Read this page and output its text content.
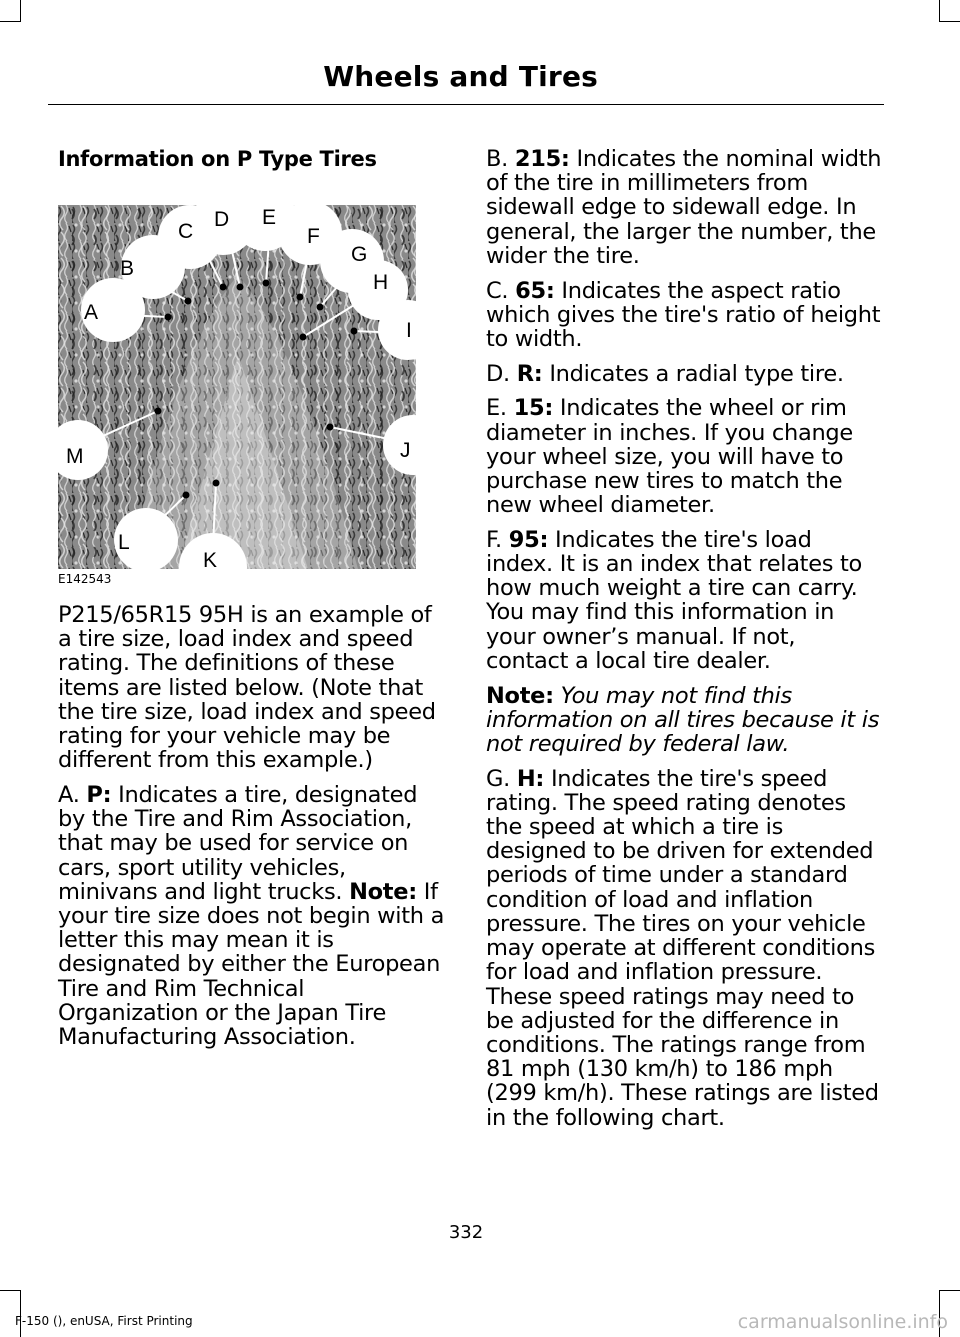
Wheels and Tires
Information on P Type Tires
A
B
C
D E
F
G
H
I
J
K
L
M
E142543

P215/65R15 95H is an example of a tire size, load index and speed rating. The definitions of these items are listed below. (Note that the tire size, load index and speed rating for your vehicle may be different from this example.)

A. P: Indicates a tire, designated by the Tire and Rim Association, that may be used for service on cars, sport utility vehicles, minivans and light trucks. Note: If your tire size does not begin with a letter this may mean it is designated by either the European Tire and Rim Technical Organization or the Japan Tire Manufacturing Association.

B. 215: Indicates the nominal width of the tire in millimeters from sidewall edge to sidewall edge. In general, the larger the number, the wider the tire.

C. 65: Indicates the aspect ratio which gives the tire's ratio of height to width.

D. R: Indicates a radial type tire.

E. 15: Indicates the wheel or rim diameter in inches. If you change your wheel size, you will have to purchase new tires to match the new wheel diameter.

F. 95: Indicates the tire's load index. It is an index that relates to how much weight a tire can carry. You may find this information in your owner’s manual. If not, contact a local tire dealer.

Note: You may not find this information on all tires because it is not required by federal law.

G. H: Indicates the tire's speed rating. The speed rating denotes the speed at which a tire is designed to be driven for extended periods of time under a standard condition of load and inflation pressure. The tires on your vehicle may operate at different conditions for load and inflation pressure. These speed ratings may need to be adjusted for the difference in conditions. The ratings range from 81 mph (130 km/h) to 186 mph (299 km/h). These ratings are listed in the following chart.

332
F-150 (), enUSA, First Printing	carmanualsonline.info
